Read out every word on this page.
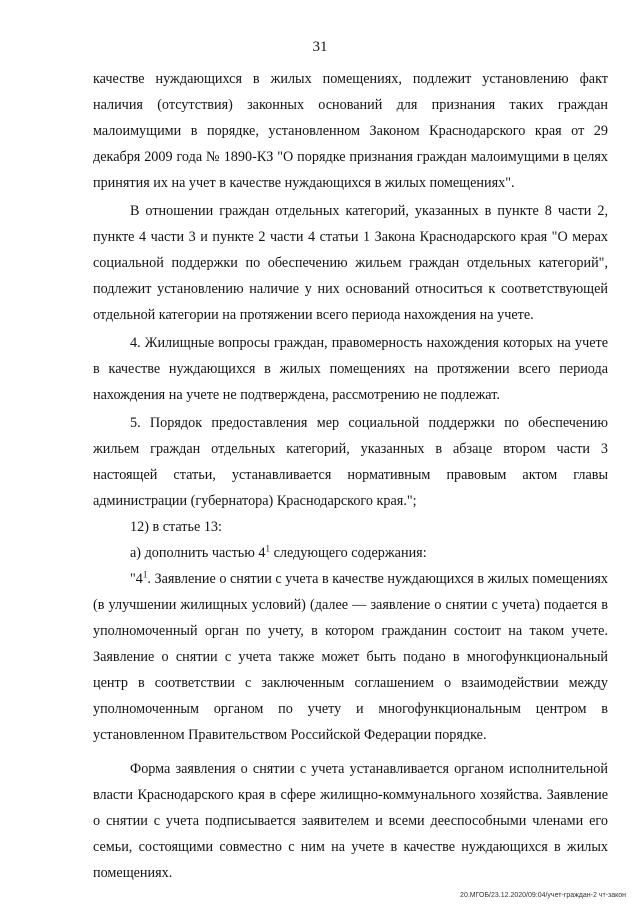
31

качестве нуждающихся в жилых помещениях, подлежит установлению факт наличия (отсутствия) законных оснований для признания таких граждан малоимущими в порядке, установленном Законом Краснодарского края от 29 декабря 2009 года № 1890-КЗ "О порядке признания граждан малоимущими в целях принятия их на учет в качестве нуждающихся в жилых помещениях".

В отношении граждан отдельных категорий, указанных в пункте 8 части 2, пункте 4 части 3 и пункте 2 части 4 статьи 1 Закона Краснодарского края "О мерах социальной поддержки по обеспечению жильем граждан отдельных категорий", подлежит установлению наличие у них оснований относиться к соответствующей отдельной категории на протяжении всего периода нахождения на учете.

4. Жилищные вопросы граждан, правомерность нахождения которых на учете в качестве нуждающихся в жилых помещениях на протяжении всего периода нахождения на учете не подтверждена, рассмотрению не подлежат.

5. Порядок предоставления мер социальной поддержки по обеспечению жильем граждан отдельных категорий, указанных в абзаце втором части 3 настоящей статьи, устанавливается нормативным правовым актом главы администрации (губернатора) Краснодарского края.";

12) в статье 13:

а) дополнить частью $4^1$ следующего содержания:

"$4^1$. Заявление о снятии с учета в качестве нуждающихся в жилых помещениях (в улучшении жилищных условий) (далее — заявление о снятии с учета) подается в уполномоченный орган по учету, в котором гражданин состоит на таком учете. Заявление о снятии с учета также может быть подано в многофункциональный центр в соответствии с заключенным соглашением о взаимодействии между уполномоченным органом по учету и многофункциональным центром в установленном Правительством Российской Федерации порядке.

Форма заявления о снятии с учета устанавливается органом исполнительной власти Краснодарского края в сфере жилищно-коммунального хозяйства. Заявление о снятии с учета подписывается заявителем и всеми дееспособными членами его семьи, состоящими совместно с ним на учете в качестве нуждающихся в жилых помещениях.

20.МГОБ/23.12.2020/09:04/учет-граждан-2 чт-закон
